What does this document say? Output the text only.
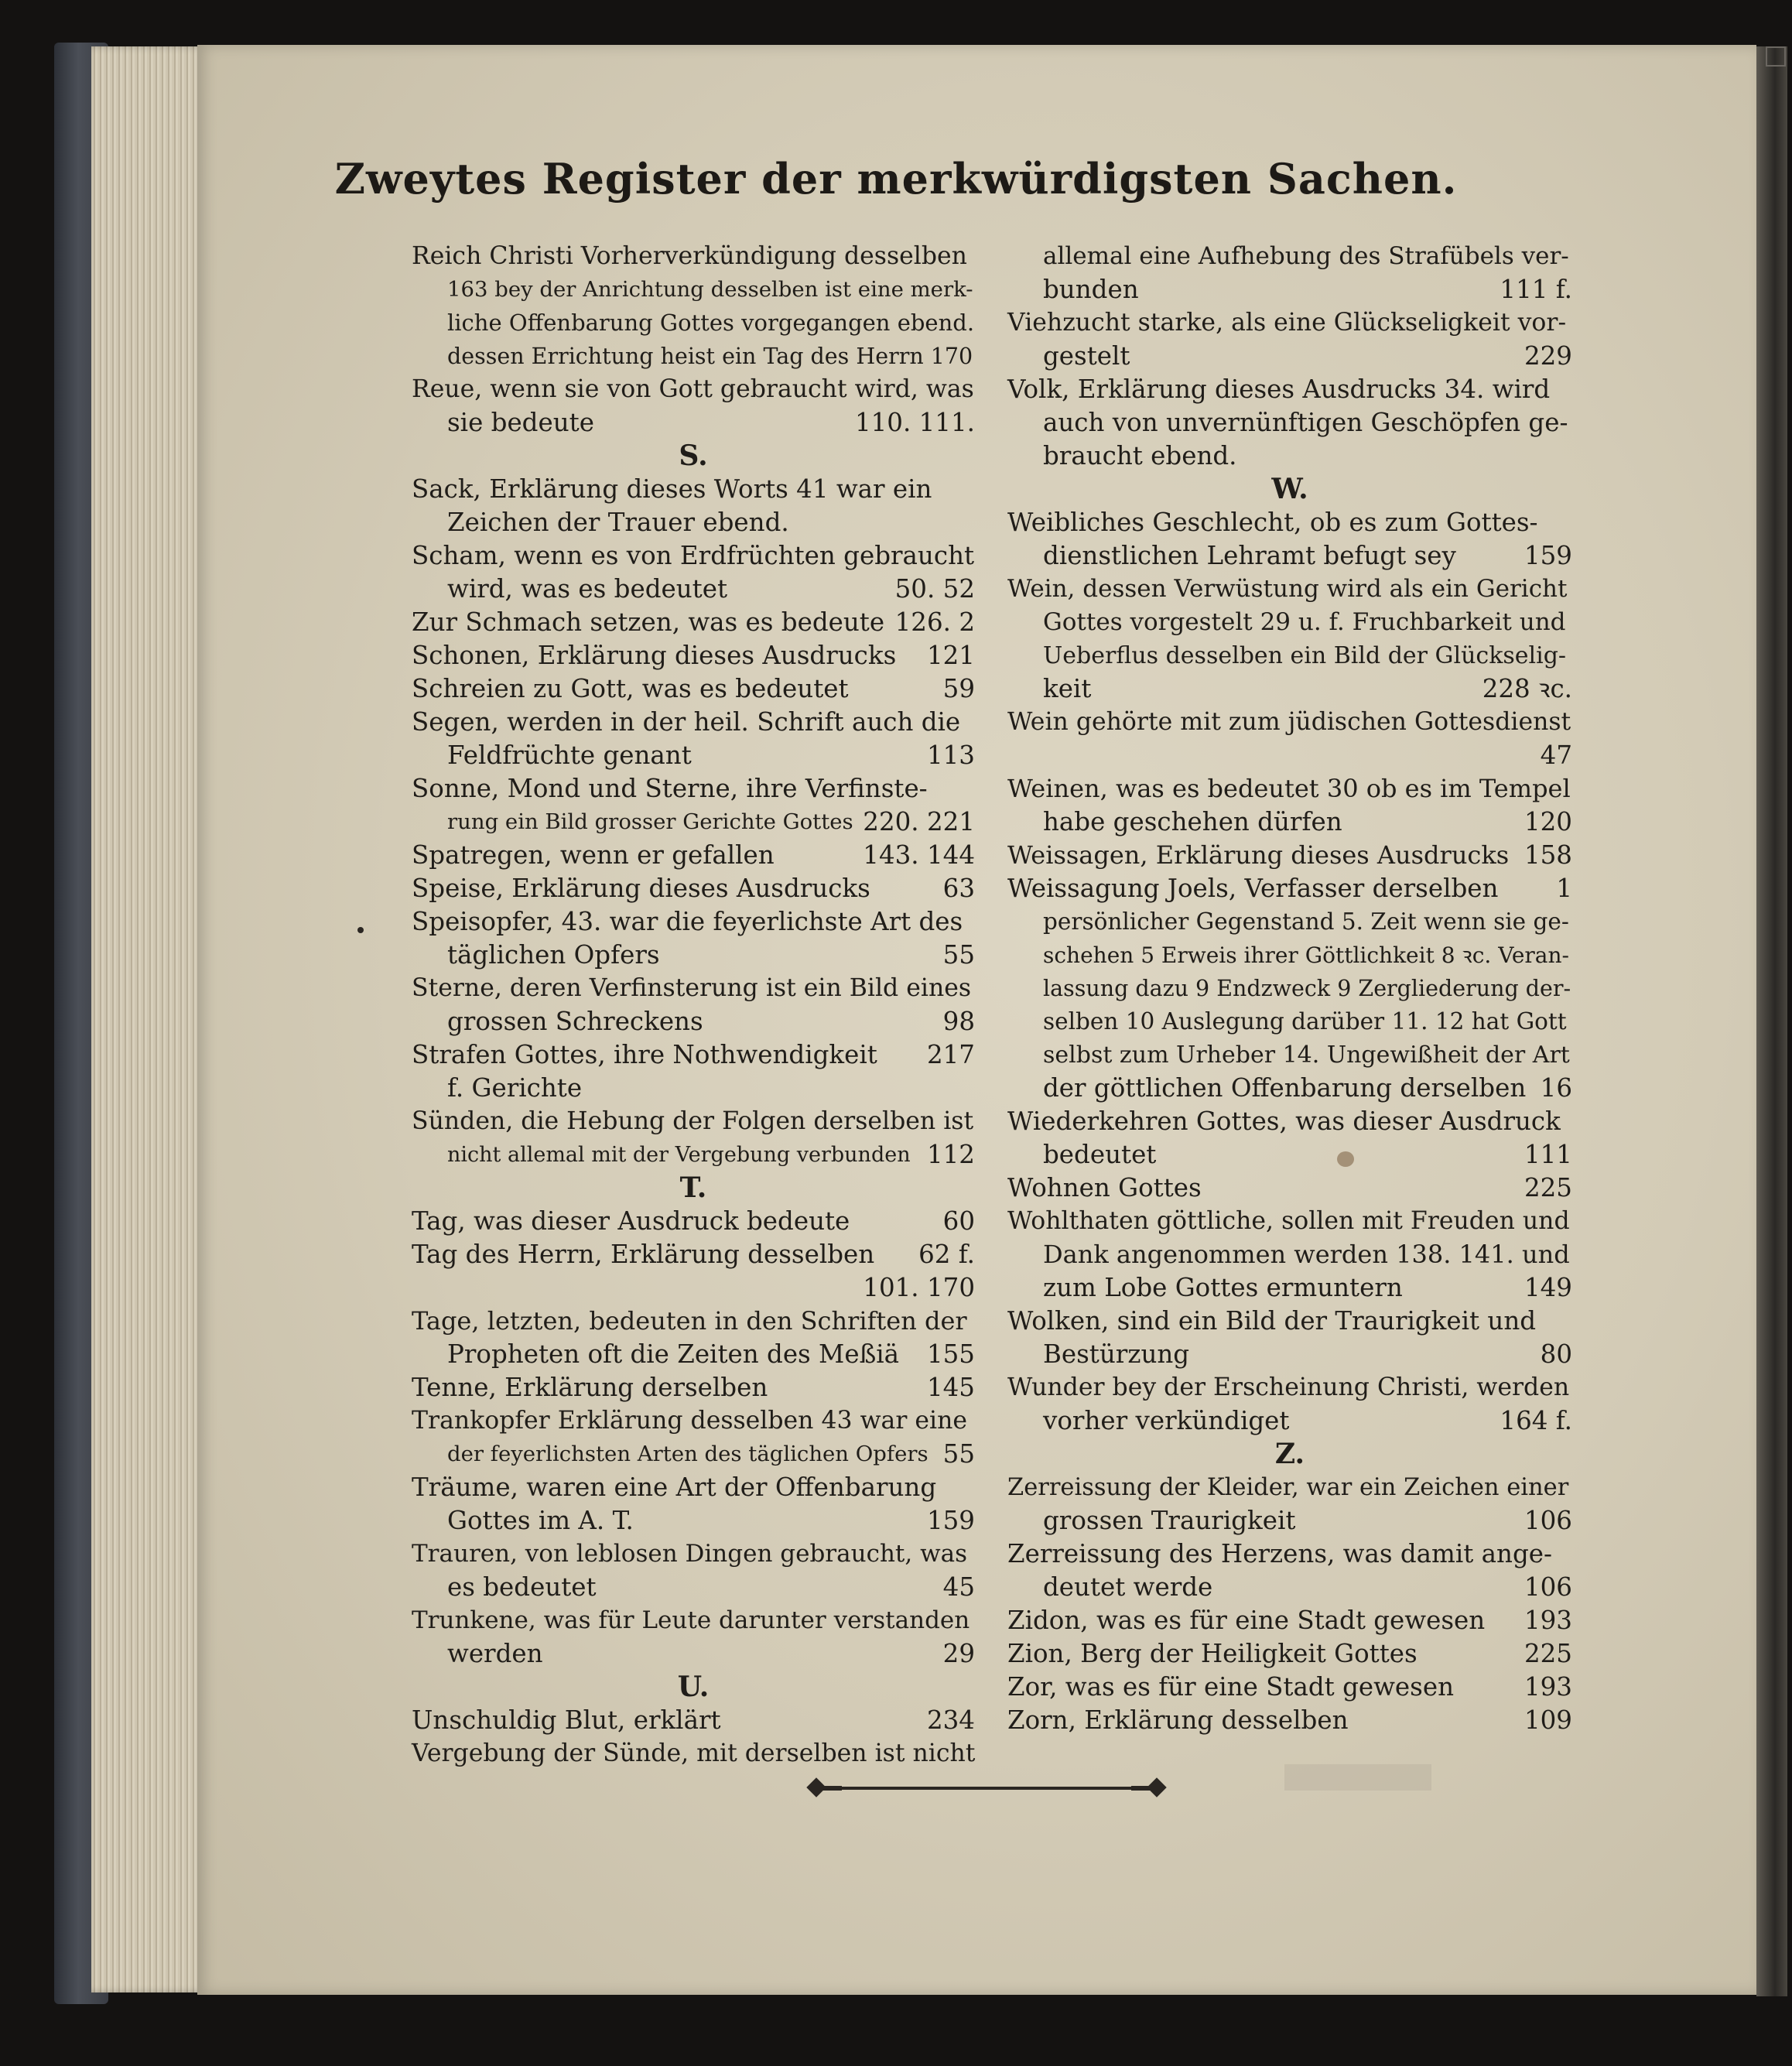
Zweytes Register der merkwürdigsten Sachen.
Reich Christi Vorherverkündigung desselben
163 bey der Anrichtung desselben ist eine merk-
liche Offenbarung Gottes vorgegangen ebend.
dessen Errichtung heist ein Tag des Herrn 170
Reue, wenn sie von Gott gebraucht wird, was
sie bedeute	110. 111.
S.
Sack, Erklärung dieses Worts 41 war ein
Zeichen der Trauer ebend.
Scham, wenn es von Erdfrüchten gebraucht
wird, was es bedeutet	50. 52
Zur Schmach setzen, was es bedeute 126. 2
Schonen, Erklärung dieses Ausdrucks 121
Schreien zu Gott, was es bedeutet	59
Segen, werden in der heil. Schrift auch die
Feldfrüchte genant	113
Sonne, Mond und Sterne, ihre Verfinste-
rung ein Bild grosser Gerichte Gottes 220. 221
Spatregen, wenn er gefallen	143. 144
Speise, Erklärung dieses Ausdrucks	63
Speisopfer, 43. war die feyerlichste Art des
täglichen Opfers	55
Sterne, deren Verfinsterung ist ein Bild eines
grossen Schreckens	98
Strafen Gottes, ihre Nothwendigkeit 217
f. Gerichte
Sünden, die Hebung der Folgen derselben ist
nicht allemal mit der Vergebung verbunden 112
T.
Tag, was dieser Ausdruck bedeute	60
Tag des Herrn, Erklärung desselben 62 f.
101. 170
Tage, letzten, bedeuten in den Schriften der
Propheten oft die Zeiten des Meßiä 155
Tenne, Erklärung derselben	145
Trankopfer Erklärung desselben 43 war eine
der feyerlichsten Arten des täglichen Opfers 55
Träume, waren eine Art der Offenbarung
Gottes im A. T.	159
Trauren, von leblosen Dingen gebraucht, was
es bedeutet	45
Trunkene, was für Leute darunter verstanden
werden	29
U.
Unschuldig Blut, erklärt	234
Vergebung der Sünde, mit derselben ist nicht
allemal eine Aufhebung des Strafübels ver-
bunden	111 f.
Viehzucht starke, als eine Glückseligkeit vor-
gestelt	229
Volk, Erklärung dieses Ausdrucks 34. wird
auch von unvernünftigen Geschöpfen ge-
braucht ebend.
W.
Weibliches Geschlecht, ob es zum Gottes-
dienstlichen Lehramt befugt sey	159
Wein, dessen Verwüstung wird als ein Gericht
Gottes vorgestelt 29 u. f. Fruchbarkeit und
Ueberflus desselben ein Bild der Glückselig-
keit	228 ꝛc.
Wein gehörte mit zum jüdischen Gottesdienst
47
Weinen, was es bedeutet 30 ob es im Tempel
habe geschehen dürfen	120
Weissagen, Erklärung dieses Ausdrucks 158
Weissagung Joels, Verfasser derselben 1
persönlicher Gegenstand 5. Zeit wenn sie ge-
schehen 5 Erweis ihrer Göttlichkeit 8 ꝛc. Veran-
lassung dazu 9 Endzweck 9 Zergliederung der-
selben 10 Auslegung darüber 11. 12 hat Gott
selbst zum Urheber 14. Ungewißheit der Art
der göttlichen Offenbarung derselben 16
Wiederkehren Gottes, was dieser Ausdruck
bedeutet	111
Wohnen Gottes	225
Wohlthaten göttliche, sollen mit Freuden und
Dank angenommen werden 138. 141. und
zum Lobe Gottes ermuntern	149
Wolken, sind ein Bild der Traurigkeit und
Bestürzung	80
Wunder bey der Erscheinung Christi, werden
vorher verkündiget	164 f.
Z.
Zerreissung der Kleider, war ein Zeichen einer
grossen Traurigkeit	106
Zerreissung des Herzens, was damit ange-
deutet werde	106
Zidon, was es für eine Stadt gewesen 193
Zion, Berg der Heiligkeit Gottes	225
Zor, was es für eine Stadt gewesen	193
Zorn, Erklärung desselben	109
